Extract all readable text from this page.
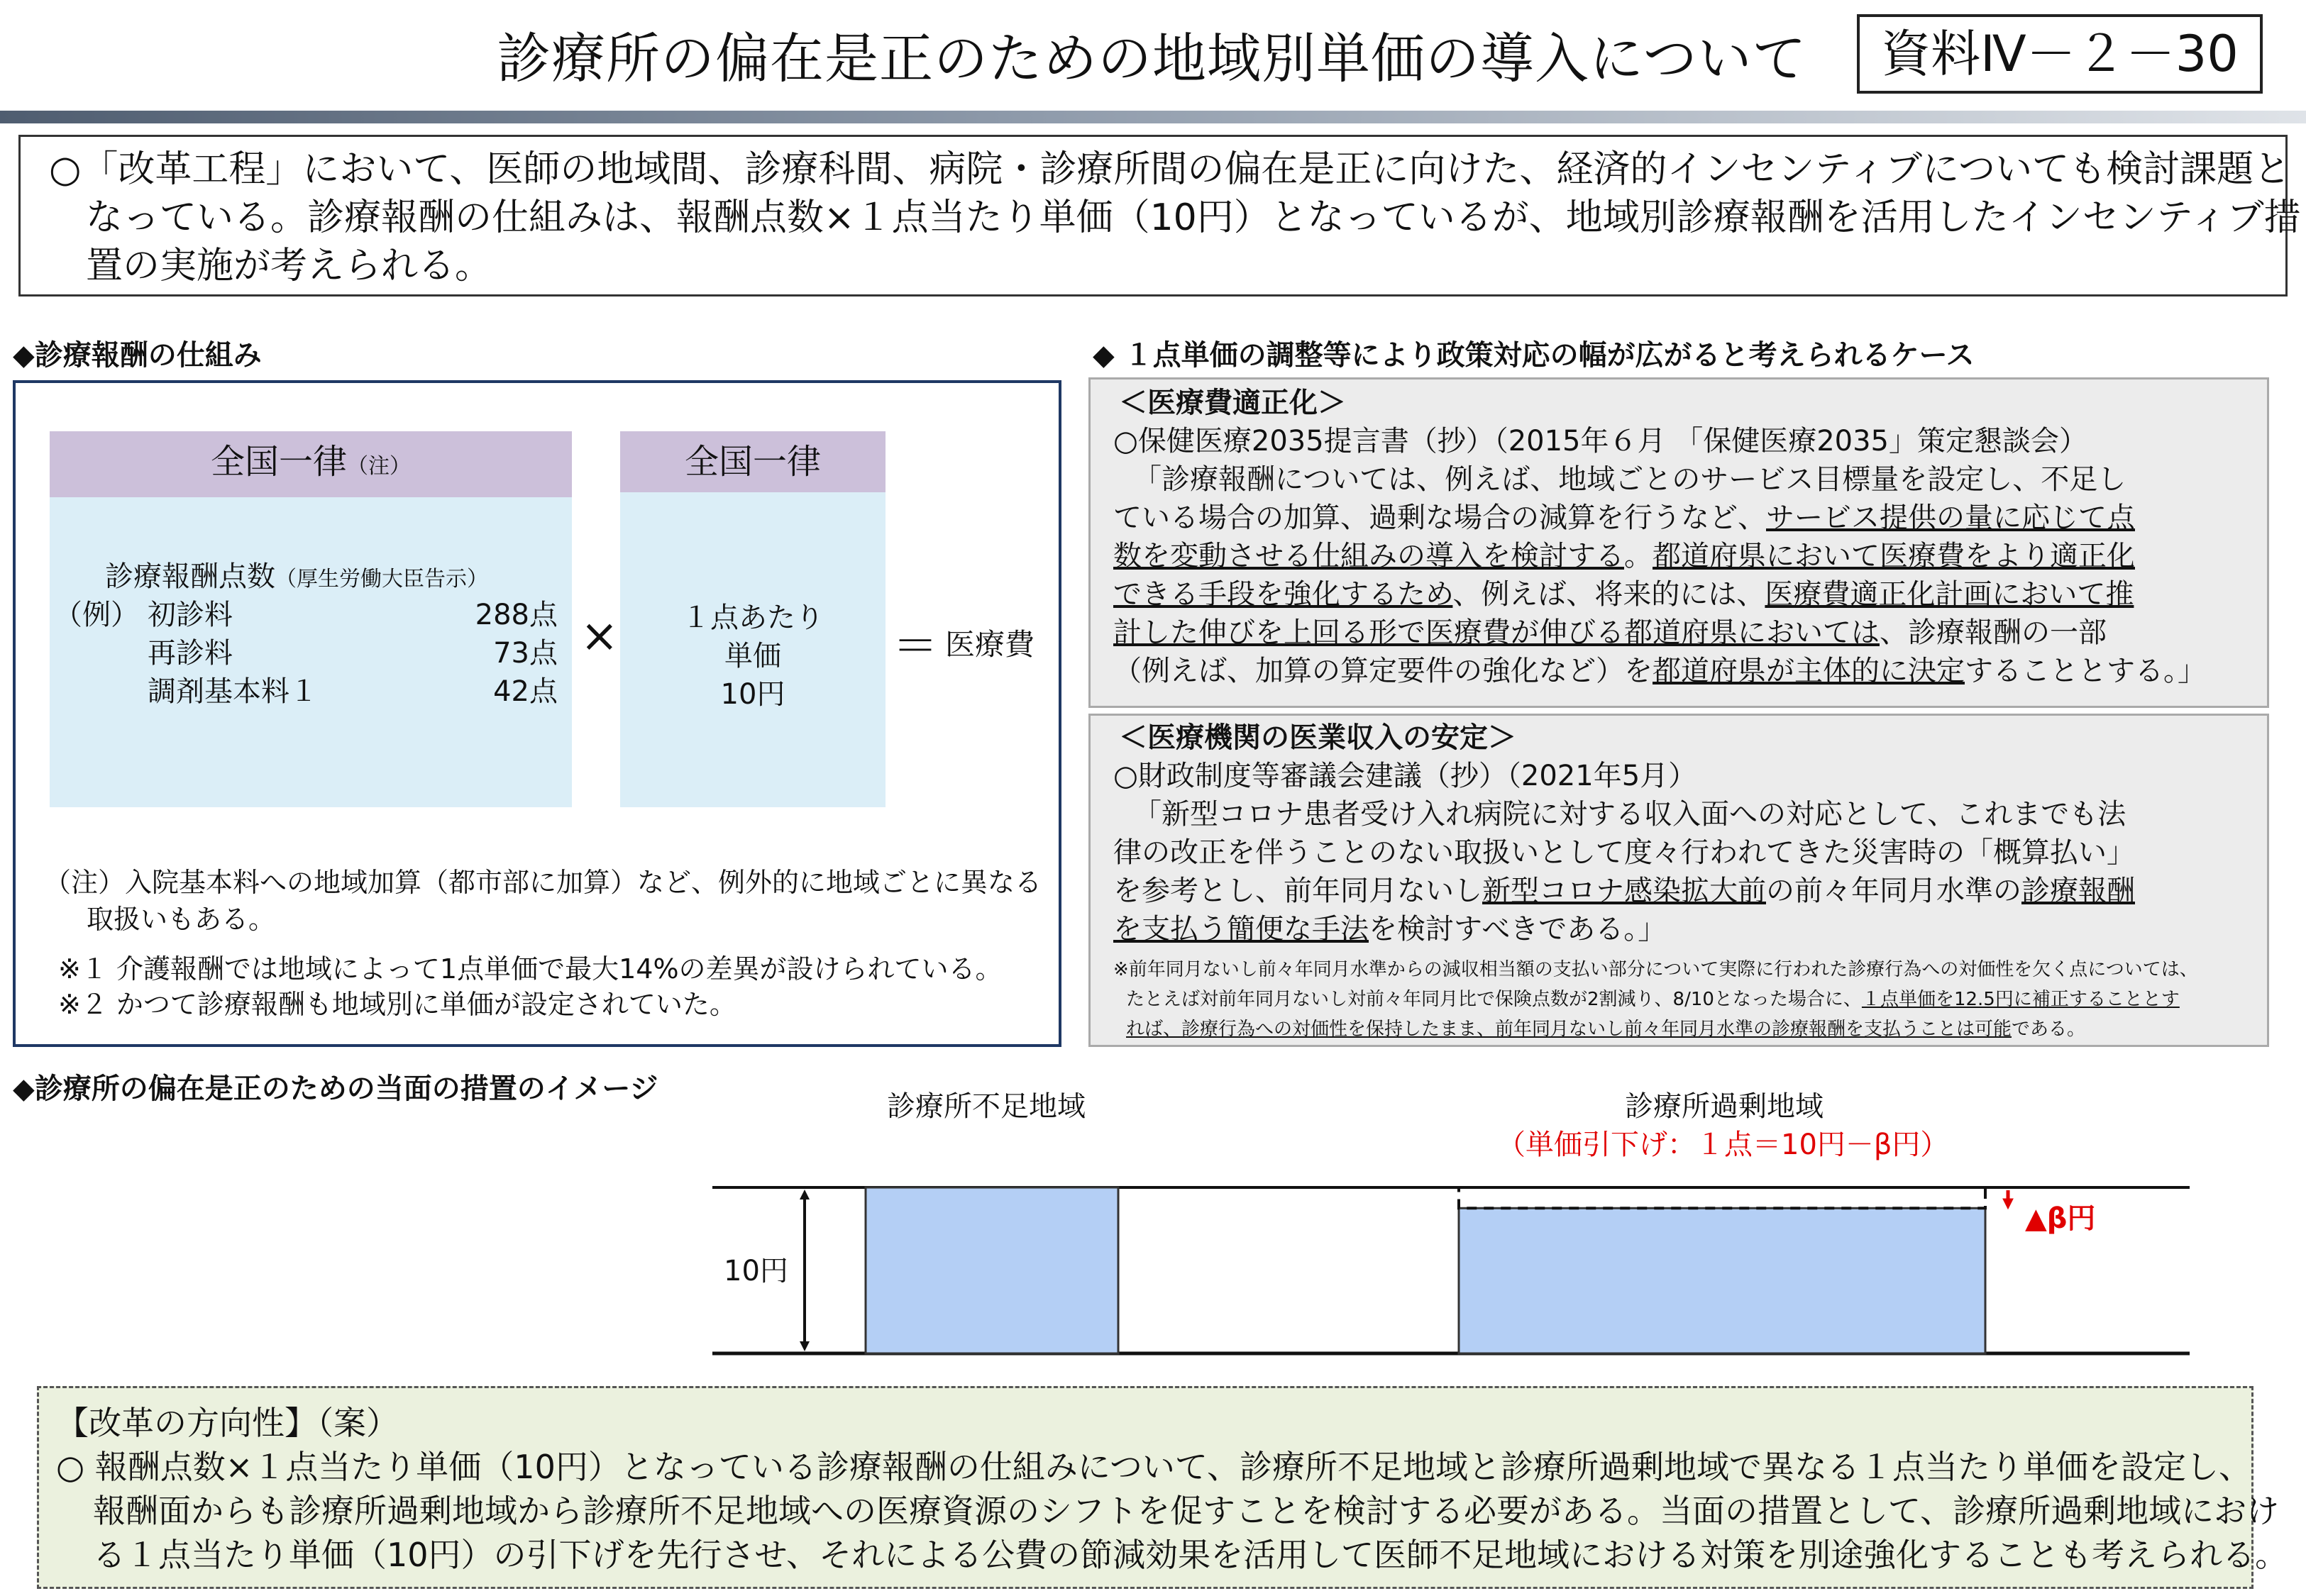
診療所の偏在是正のための地域別単価の導入について	資料Ⅳ－２－30

○「改革工程」において、医師の地域間、診療科間、病院・診療所間の偏在是正に向けた、経済的インセンティブについても検討課題と

なっている。診療報酬の仕組みは、報酬点数×１点当たり単価（10円）となっているが、地域別診療報酬を活用したインセンティブ措

置の実施が考えられる。

◆診療報酬の仕組み
全国一律（注）
診療報酬点数（厚生労働大臣告示）
（例） 初診料	288点
再診料	73点
調剤基本料１	42点
×
全国一律
１点あたり
単価
10円
＝ 医療費
（注）入院基本料への地域加算（都市部に加算）など、例外的に地域ごとに異なる
取扱いもある。
※１ 介護報酬では地域によって1点単価で最大14%の差異が設けられている。
※２ かつて診療報酬も地域別に単価が設定されていた。
◆ １点単価の調整等により政策対応の幅が広がると考えられるケース
＜医療費適正化＞
○保健医療2035提言書（抄）（2015年６月 「保健医療2035」策定懇談会）
「診療報酬については、例えば、地域ごとのサービス目標量を設定し、不足し
ている場合の加算、過剰な場合の減算を行うなど、サービス提供の量に応じて点
数を変動させる仕組みの導入を検討する。都道府県において医療費をより適正化
できる手段を強化するため、例えば、将来的には、医療費適正化計画において推
計した伸びを上回る形で医療費が伸びる都道府県においては、診療報酬の一部
（例えば、加算の算定要件の強化など）を都道府県が主体的に決定することとする。」
＜医療機関の医業収入の安定＞
○財政制度等審議会建議（抄）（2021年5月）
「新型コロナ患者受け入れ病院に対する収入面への対応として、これまでも法
律の改正を伴うことのない取扱いとして度々行われてきた災害時の「概算払い」
を参考とし、前年同月ないし新型コロナ感染拡大前の前々年同月水準の診療報酬
を支払う簡便な手法を検討すべきである。」
※前年同月ないし前々年同月水準からの減収相当額の支払い部分について実際に行われた診療行為への対価性を欠く点については、
たとえば対前年同月ないし対前々年同月比で保険点数が2割減り、8/10となった場合に、１点単価を12.5円に補正することとす
れば、診療行為への対価性を保持したまま、前年同月ないし前々年同月水準の診療報酬を支払うことは可能である。
◆診療所の偏在是正のための当面の措置のイメージ
診療所不足地域	診療所過剰地域
（単価引下げ：１点＝10円－β円）
10円
▲β円

【改革の方向性】（案）

○ 報酬点数×１点当たり単価（10円）となっている診療報酬の仕組みについて、診療所不足地域と診療所過剰地域で異なる１点当たり単価を設定し、

報酬面からも診療所過剰地域から診療所不足地域への医療資源のシフトを促すことを検討する必要がある。当面の措置として、診療所過剰地域におけ

る１点当たり単価（10円）の引下げを先行させ、それによる公費の節減効果を活用して医師不足地域における対策を別途強化することも考えられる。
